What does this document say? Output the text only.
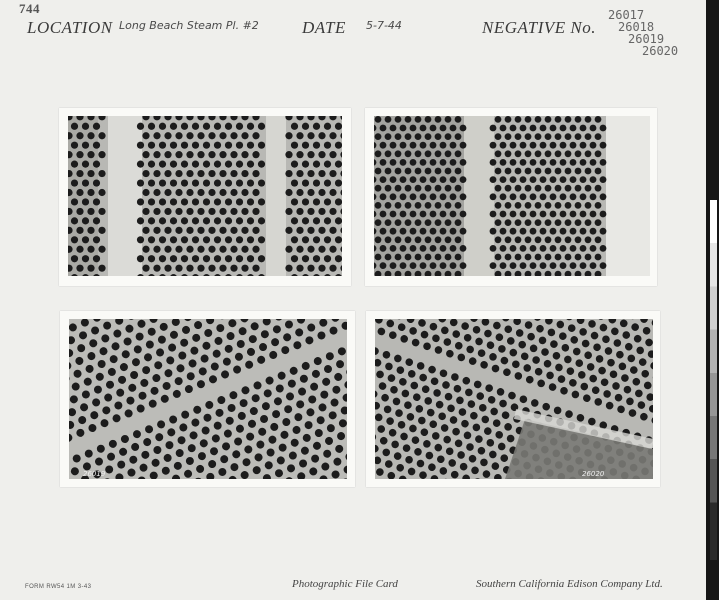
744
LOCATION Long Beach Steam Pl. #2	DATE 5-7-44	NEGATIVE No.
26017
26018
26019
26020
26019	26020
FORM RW54 1M 3-43	Photographic File Card	Southern California Edison Company Ltd.
